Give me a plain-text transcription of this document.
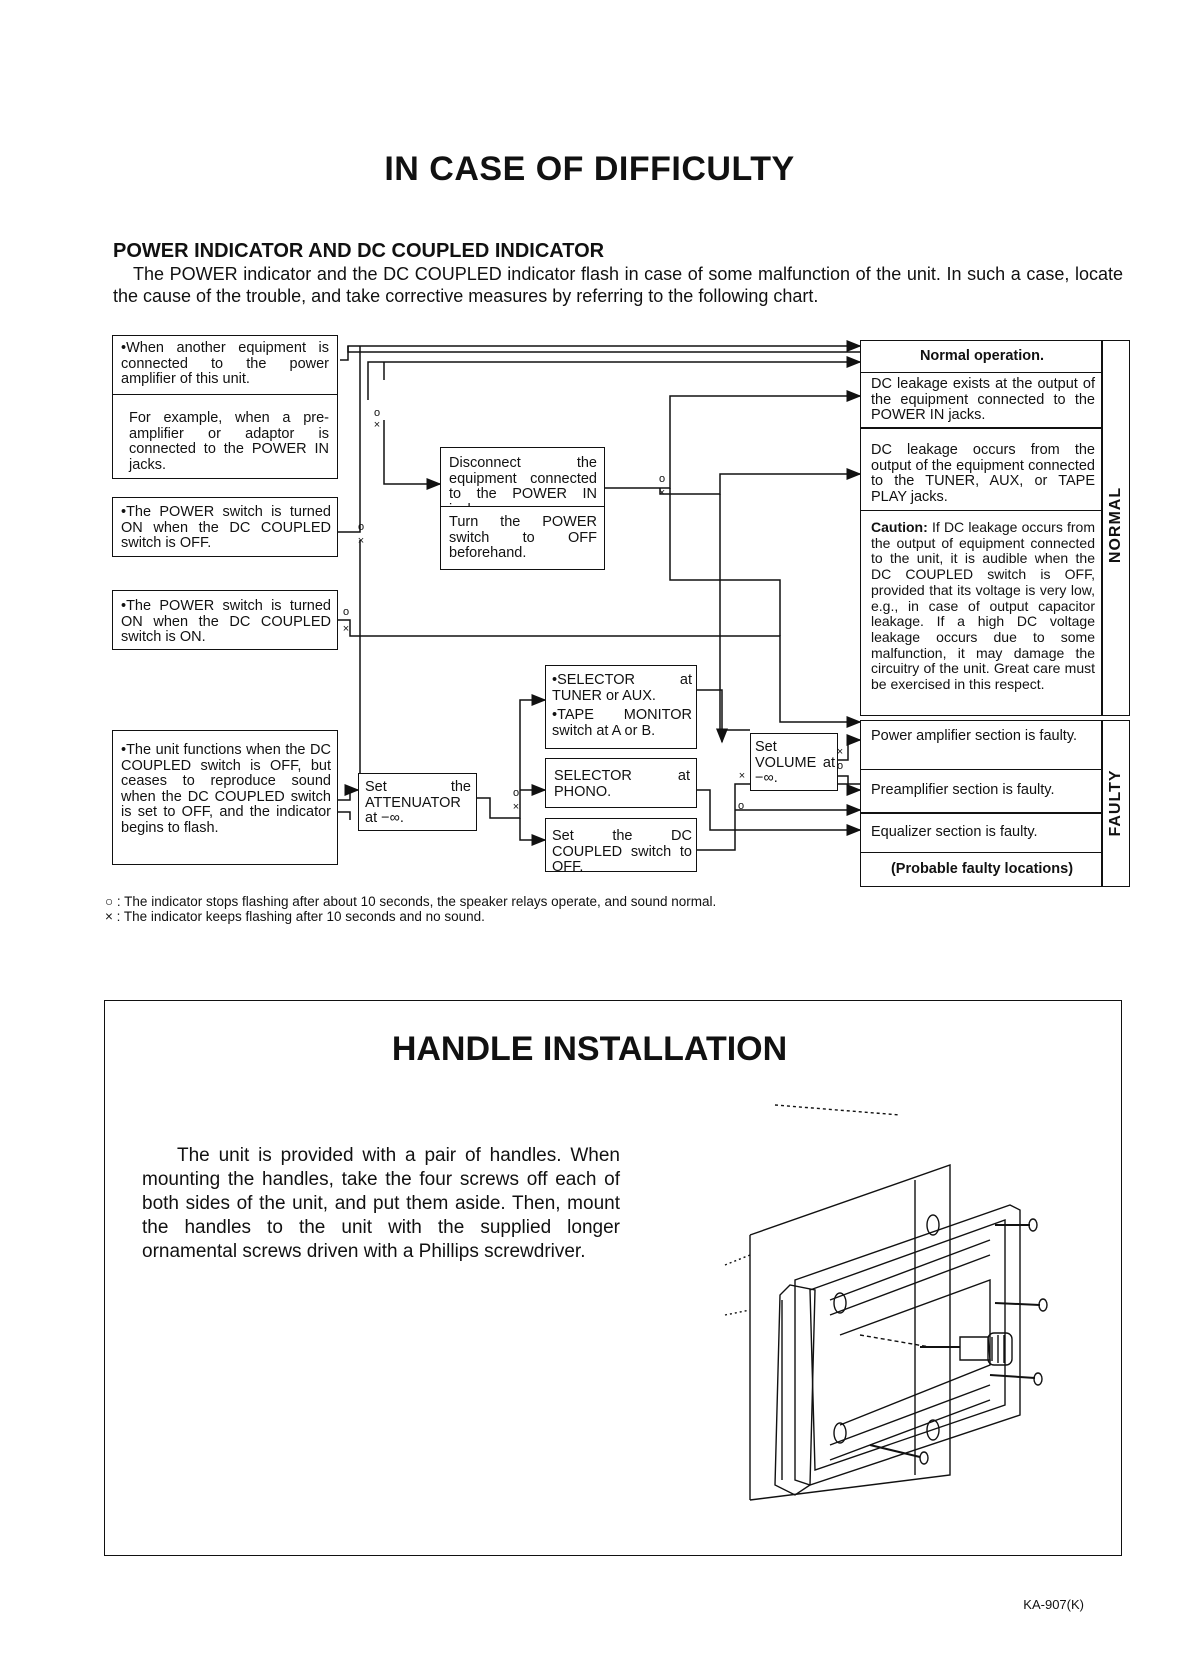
IN CASE OF DIFFICULTY
POWER INDICATOR AND DC COUPLED INDICATOR

The POWER indicator and the DC COUPLED indicator flash in case of some malfunction of the unit. In such a case, locate the cause of the trouble, and take corrective measures by referring to the following chart.

•When another equipment is connected to the power amplifier of this unit.
For example, when a pre-amplifier or adaptor is connected to the POWER IN jacks.
•The POWER switch is turned ON when the DC COUPLED switch is OFF.
•The POWER switch is turned ON when the DC COUPLED switch is ON.
•The unit functions when the DC COUPLED switch is OFF, but ceases to reproduce sound when the DC COUPLED switch is set to OFF, and the indicator begins to flash.
Disconnect the equipment connected to the POWER IN
Turn the POWER switch to OFF beforehand.
Set the ATTENUATOR at −∞.
•SELECTOR at TUNER or AUX.
•TAPE MONITOR switch at A or B.
SELECTOR at PHONO.
Set the DC COUPLED switch to OFF.
Set VOLUME at −∞.
Normal operation.
DC leakage exists at the output of the equipment connected to the POWER IN jacks.
DC leakage occurs from the output of the equipment connected to the TUNER, AUX, or TAPE PLAY jacks.
Caution: If DC leakage occurs from the output of equipment connected to the unit, it is audible when the DC COUPLED switch is OFF, provided that its voltage is very low, e.g., in case of output capacitor leakage. If a high DC voltage leakage occurs due to some malfunction, it may damage the circuitry of the unit. Great care must be exercised in this respect.
NORMAL
Power amplifier section is faulty.
Preamplifier section is faulty.
Equalizer section is faulty.
(Probable faulty locations)
FAULTY
o
×
o
×
o
×
o
×
o
×
×
o
×
o
○ : The indicator stops flashing after about 10 seconds, the speaker relays operate, and sound normal.
× : The indicator keeps flashing after 10 seconds and no sound.
HANDLE INSTALLATION

The unit is provided with a pair of handles. When mounting the handles, take the four screws off each of both sides of the unit, and put them aside. Then, mount the handles to the unit with the supplied longer ornamental screws driven with a Phillips screwdriver.

KA-907(K)
